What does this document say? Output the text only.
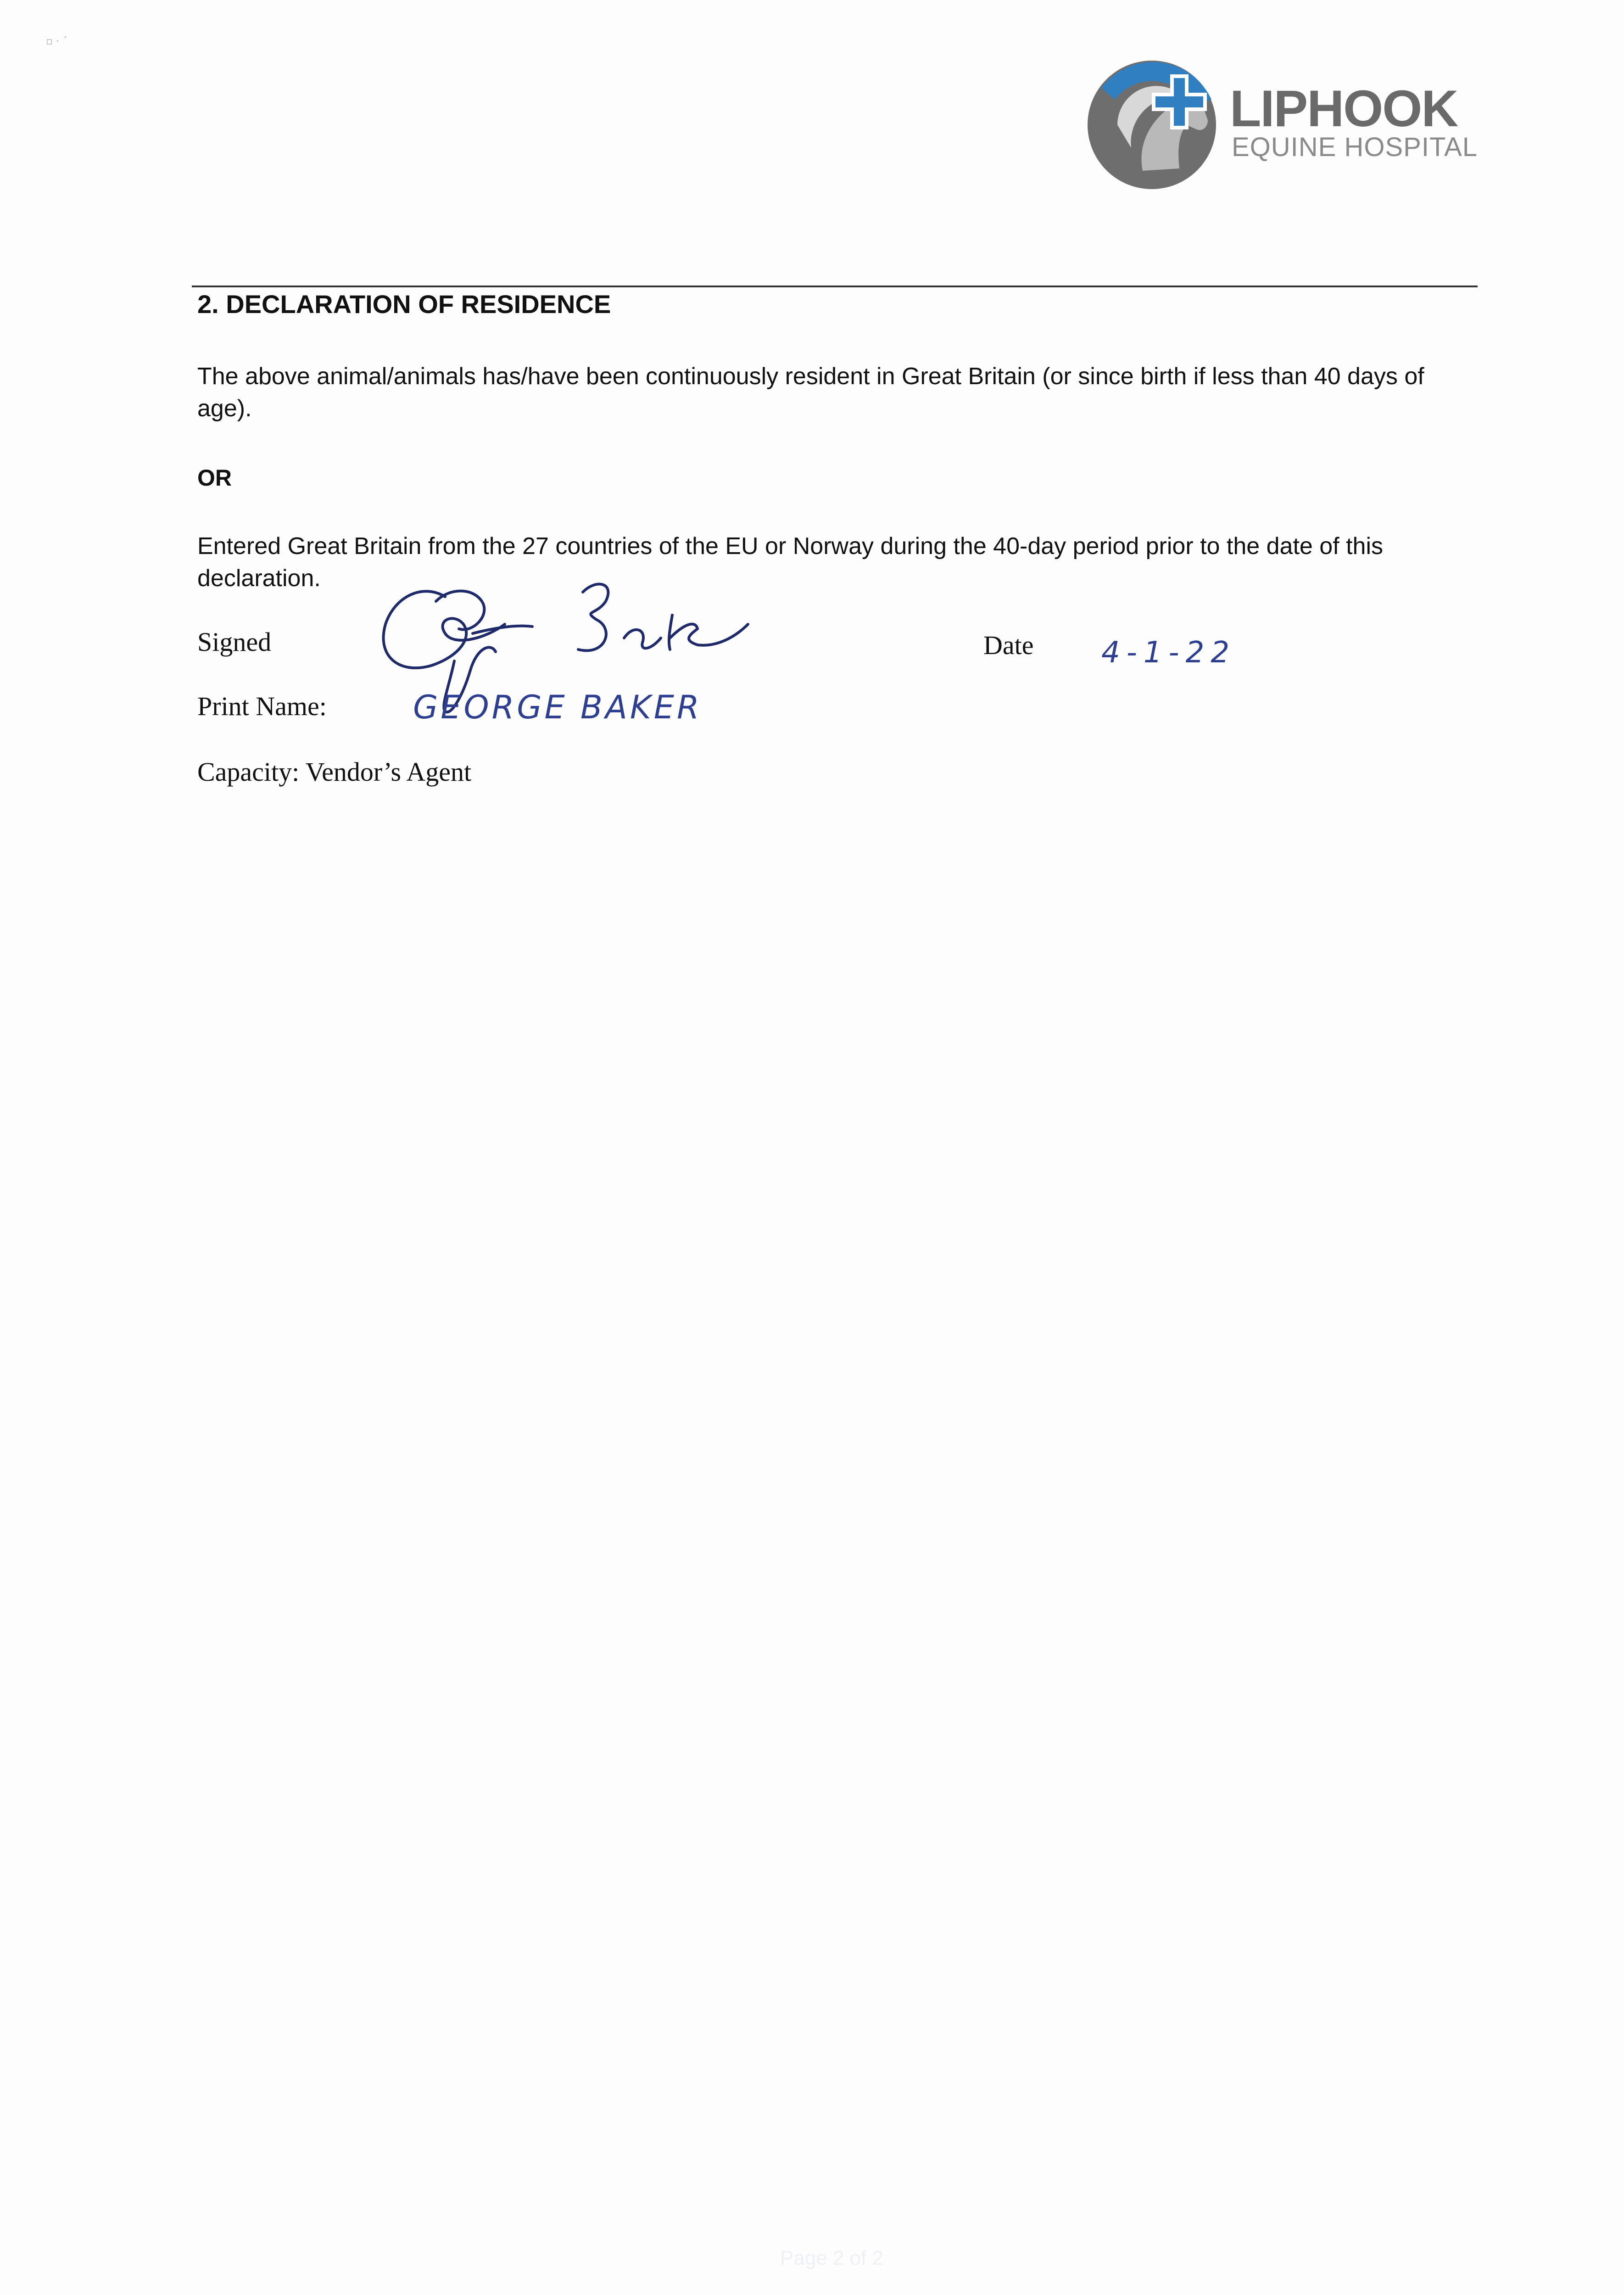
▫ · ˊ
LIPHOOK
EQUINE HOSPITAL
2. DECLARATION OF RESIDENCE
The above animal/animals has/have been continuously resident in Great Britain (or since birth if less than 40 days of age).
OR
Entered Great Britain from the 27 countries of the EU or Norway during the 40-day period prior to the date of this declaration.
Signed	Date 4-1-22
Print Name:	GEORGE BAKER
Capacity: Vendor’s Agent
Page 2 of 2
